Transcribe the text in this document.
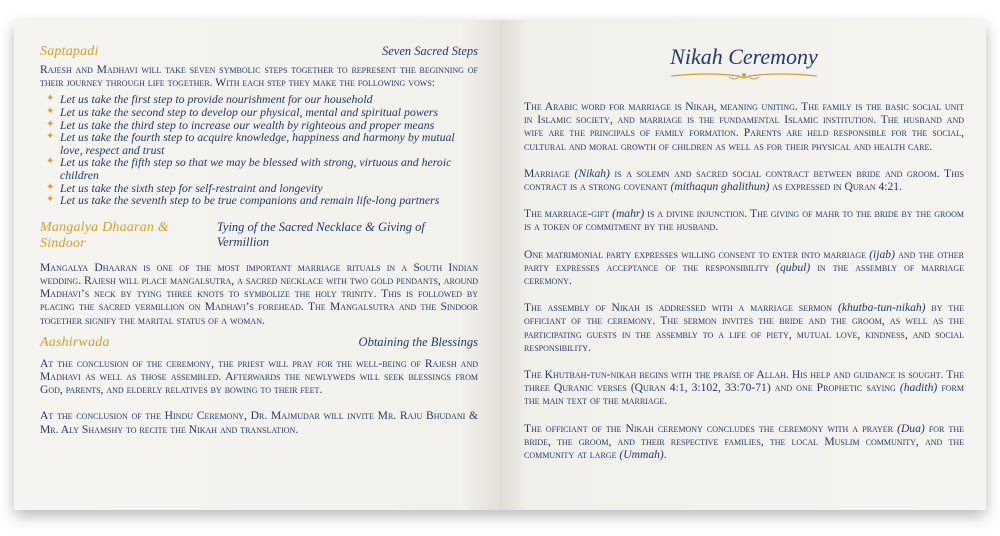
Saptapadi	Seven Sacred Steps

Rajesh and Madhavi will take seven symbolic steps together to represent the beginning of their journey through life together. With each step they make the following vows:

✦ Let us take the first step to provide nourishment for our household
✦ Let us take the second step to develop our physical, mental and spiritual powers
✦ Let us take the third step to increase our wealth by righteous and proper means
✦ Let us take the fourth step to acquire knowledge, happiness and harmony by mutual love, respect and trust
✦ Let us take the fifth step so that we may be blessed with strong, virtuous and heroic children
✦ Let us take the sixth step for self-restraint and longevity
✦ Let us take the seventh step to be true companions and remain life-long partners
Mangalya Dhaaran & Sindoor
Tying of the Sacred Necklace & Giving of Vermillion

Mangalya Dhaaran is one of the most important marriage rituals in a South Indian wedding. Rajesh will place mangalsutra, a sacred necklace with two gold pendants, around Madhavi’s neck by tying three knots to symbolize the holy trinity. This is followed by placing the sacred vermillion on Madhavi’s forehead. The Mangalsutra and the Sindoor together signify the marital status of a woman.

Aashirwada	Obtaining the Blessings

At the conclusion of the ceremony, the priest will pray for the well-being of Rajesh and Madhavi as well as those assembled. Afterwards the newlyweds will seek blessings from God, parents, and elderly relatives by bowing to their feet.

At the conclusion of the Hindu Ceremony, Dr. Majmudar will invite Mr. Raju Bhudani & Mr. Aly Shamshy to recite the Nikah and translation.

Nikah Ceremony

The Arabic word for marriage is Nikah, meaning uniting. The family is the basic social unit in Islamic society, and marriage is the fundamental Islamic institution. The husband and wife are the principals of family formation. Parents are held responsible for the social, cultural and moral growth of children as well as for their physical and health care.

Marriage (Nikah) is a solemn and sacred social contract between bride and groom. This contract is a strong covenant (mithaqun ghalithun) as expressed in Quran 4:21.

The marriage-gift (mahr) is a divine injunction. The giving of mahr to the bride by the groom is a token of commitment by the husband.

One matrimonial party expresses willing consent to enter into marriage (ijab) and the other party expresses acceptance of the responsibility (qubul) in the assembly of marriage ceremony.

The assembly of Nikah is addressed with a marriage sermon (khutba-tun-nikah) by the officiant of the ceremony. The sermon invites the bride and the groom, as well as the participating guests in the assembly to a life of piety, mutual love, kindness, and social responsibility.

The Khutbah-tun-nikah begins with the praise of Allah. His help and guidance is sought. The three Quranic verses (Quran 4:1, 3:102, 33:70-71) and one Prophetic saying (hadith) form the main text of the marriage.

The officiant of the Nikah ceremony concludes the ceremony with a prayer (Dua) for the bride, the groom, and their respective families, the local Muslim community, and the community at large (Ummah).
